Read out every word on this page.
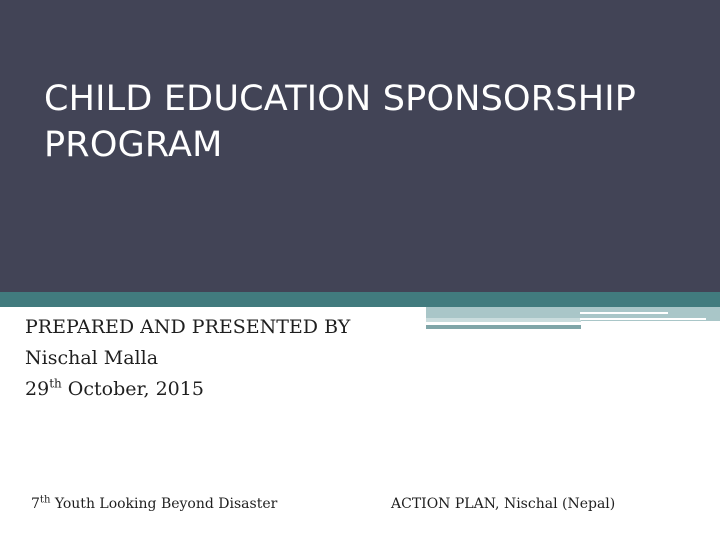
CHILD EDUCATION SPONSORSHIP PROGRAM
PREPARED AND PRESENTED BY
Nischal Malla
29th October, 2015
7th Youth Looking Beyond Disaster	ACTION PLAN, Nischal (Nepal)
